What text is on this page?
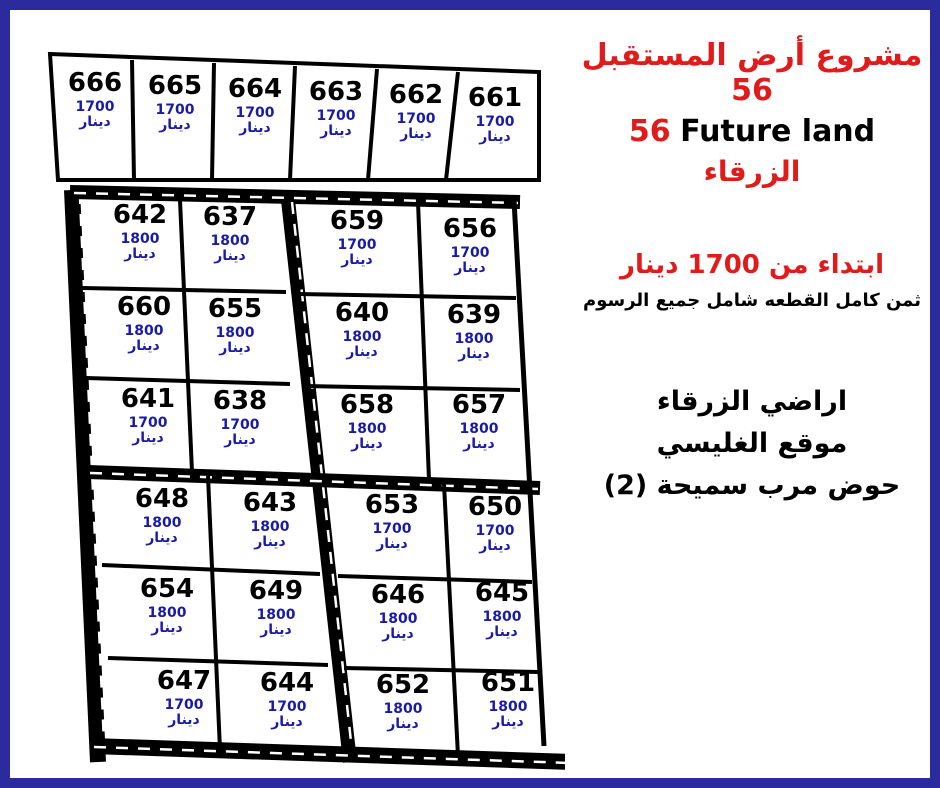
666
1700
دينار
665
1700
دينار
664
1700
دينار
663
1700
دينار
662
1700
دينار
661
1700
دينار
642
1800
دينار
637
1800
دينار
660
1800
دينار
655
1800
دينار
641
1700
دينار
638
1700
دينار
659
1700
دينار
656
1700
دينار
640
1800
دينار
639
1800
دينار
658
1800
دينار
657
1800
دينار
648
1800
دينار
643
1800
دينار
654
1800
دينار
649
1800
دينار
647
1700
دينار
644
1700
دينار
653
1700
دينار
650
1700
دينار
646
1800
دينار
645
1800
دينار
652
1800
دينار
651
1800
دينار
مشروع أرض المستقبل 56
Future land 56
الزرقاء
ابتداء من 1700 دينار
ثمن كامل القطعه شامل جميع الرسوم
اراضي الزرقاء
موقع الغليسي
حوض مرب سميحة (2)
